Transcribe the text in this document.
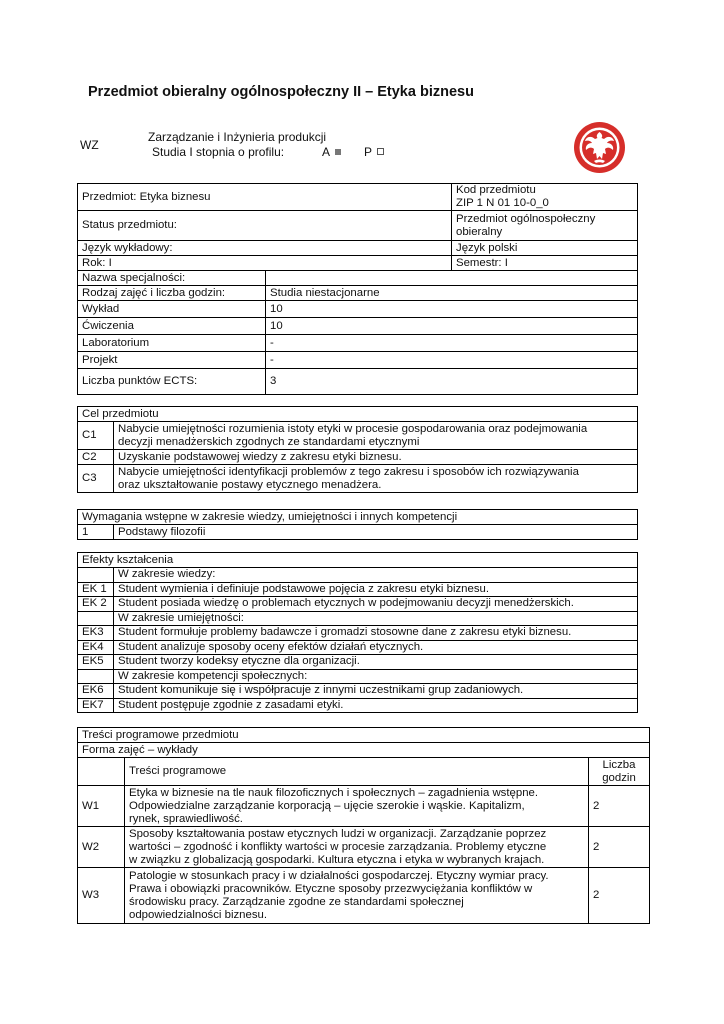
Przedmiot obieralny ogólnospołeczny II – Etyka biznesu
WZ
Zarządzanie i Inżynieria produkcji
Studia I stopnia o profilu:	A	P
Przedmiot: Etyka biznesu		Kod przedmiotu
ZIP 1 N 01 10-0_0

Status przedmiotu:		Przedmiot ogólnospołeczny
obieralny

Język wykładowy:		Język polski
Rok: I		Semestr: I
Nazwa specjalności:		
Rodzaj zajęć i liczba godzin:	Studia niestacjonarne	
Wykład	10	
Ćwiczenia	10	
Laboratorium	-	
Projekt	-	
Liczba punktów ECTS:	3	
Cel przedmiotu	
C1	Nabycie umiejętności rozumienia istoty etyki w procesie gospodarowania oraz podejmowania
decyzji menadżerskich zgodnych ze standardami etycznymi

C2	Uzyskanie podstawowej wiedzy z zakresu etyki biznesu.
C3	Nabycie umiejętności identyfikacji problemów z tego zakresu i sposobów ich rozwiązywania
oraz ukształtowanie postawy etycznego menadżera.
Wymagania wstępne w zakresie wiedzy, umiejętności i innych kompetencji
1	Podstawy filozofii
Efekty kształcenia	
	W zakresie wiedzy:
EK 1	Student wymienia i definiuje podstawowe pojęcia z zakresu etyki biznesu.
EK 2	Student posiada wiedzę o problemach etycznych w podejmowaniu decyzji menedżerskich.
	W zakresie umiejętności:
EK3	Student formułuje problemy badawcze i gromadzi stosowne dane z zakresu etyki biznesu.
EK4	Student analizuje sposoby oceny efektów działań etycznych.
EK5	Student tworzy kodeksy etyczne dla organizacji.
	W zakresie kompetencji społecznych:
EK6	Student komunikuje się i współpracuje z innymi uczestnikami grup zadaniowych.
EK7	Student postępuje zgodnie z zasadami etyki.
Treści programowe przedmiotu		
Forma zajęć – wykłady		
	Treści programowe	Liczba
godzin

W1	Etyka w biznesie na tle nauk filozoficznych i społecznych – zagadnienia wstępne.
Odpowiedzialne zarządzanie korporacją – ujęcie szerokie i wąskie. Kapitalizm,
rynek, sprawiedliwość.	2
W2	Sposoby kształtowania postaw etycznych ludzi w organizacji. Zarządzanie poprzez
wartości – zgodność i konflikty wartości w procesie zarządzania. Problemy etyczne
w związku z globalizacją gospodarki. Kultura etyczna i etyka w wybranych krajach.	2
W3	Patologie w stosunkach pracy i w działalności gospodarczej. Etyczny wymiar pracy.
Prawa i obowiązki pracowników. Etyczne sposoby przezwyciężania konfliktów w
środowisku pracy. Zarządzanie zgodne ze standardami społecznej
odpowiedzialności biznesu.	2
